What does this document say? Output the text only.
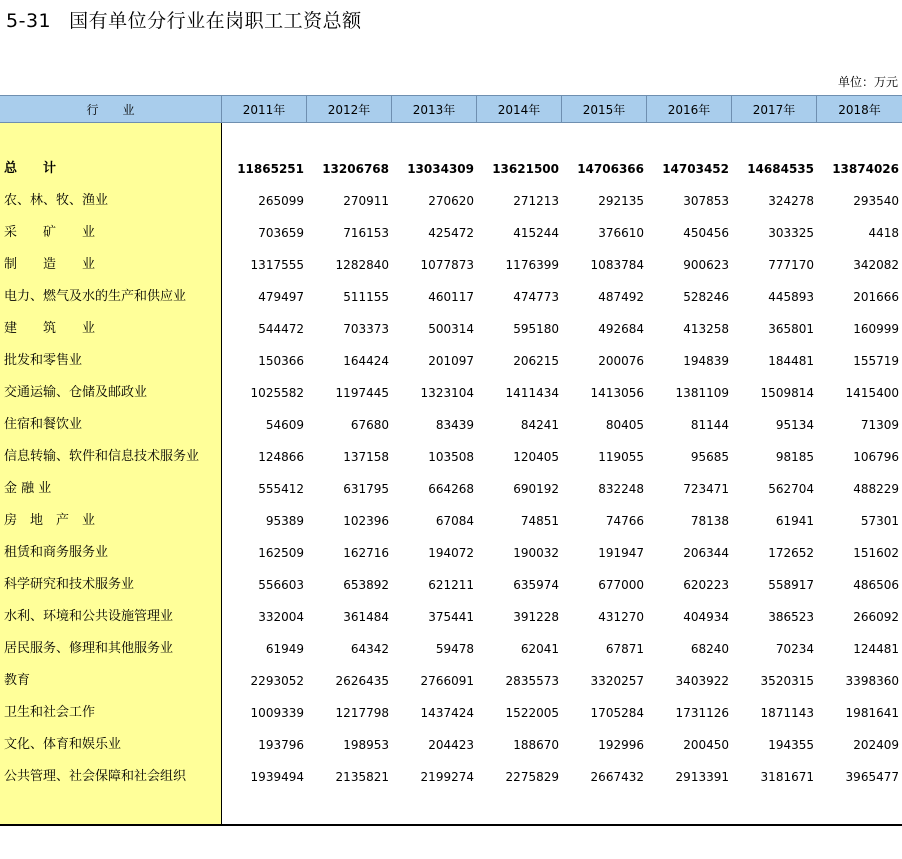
5-31 国有单位分行业在岗职工工资总额
单位：万元
行　　业	2011年	2012年	2013年	2014年	2015年	2016年	2017年	2018年
总　　计	11865251	13206768	13034309	13621500	14706366	14703452	14684535	13874026
农、林、牧、渔业	265099	270911	270620	271213	292135	307853	324278	293540
采　　矿　　业	703659	716153	425472	415244	376610	450456	303325	4418
制　　造　　业	1317555	1282840	1077873	1176399	1083784	900623	777170	342082
电力、燃气及水的生产和供应业	479497	511155	460117	474773	487492	528246	445893	201666
建　　筑　　业	544472	703373	500314	595180	492684	413258	365801	160999
批发和零售业	150366	164424	201097	206215	200076	194839	184481	155719
交通运输、仓储及邮政业	1025582	1197445	1323104	1411434	1413056	1381109	1509814	1415400
住宿和餐饮业	54609	67680	83439	84241	80405	81144	95134	71309
信息转输、软件和信息技术服务业	124866	137158	103508	120405	119055	95685	98185	106796
金 融 业	555412	631795	664268	690192	832248	723471	562704	488229
房　地　产　业	95389	102396	67084	74851	74766	78138	61941	57301
租赁和商务服务业	162509	162716	194072	190032	191947	206344	172652	151602
科学研究和技术服务业	556603	653892	621211	635974	677000	620223	558917	486506
水利、环境和公共设施管理业	332004	361484	375441	391228	431270	404934	386523	266092
居民服务、修理和其他服务业	61949	64342	59478	62041	67871	68240	70234	124481
教育	2293052	2626435	2766091	2835573	3320257	3403922	3520315	3398360
卫生和社会工作	1009339	1217798	1437424	1522005	1705284	1731126	1871143	1981641
文化、体育和娱乐业	193796	198953	204423	188670	192996	200450	194355	202409
公共管理、社会保障和社会组织	1939494	2135821	2199274	2275829	2667432	2913391	3181671	3965477
